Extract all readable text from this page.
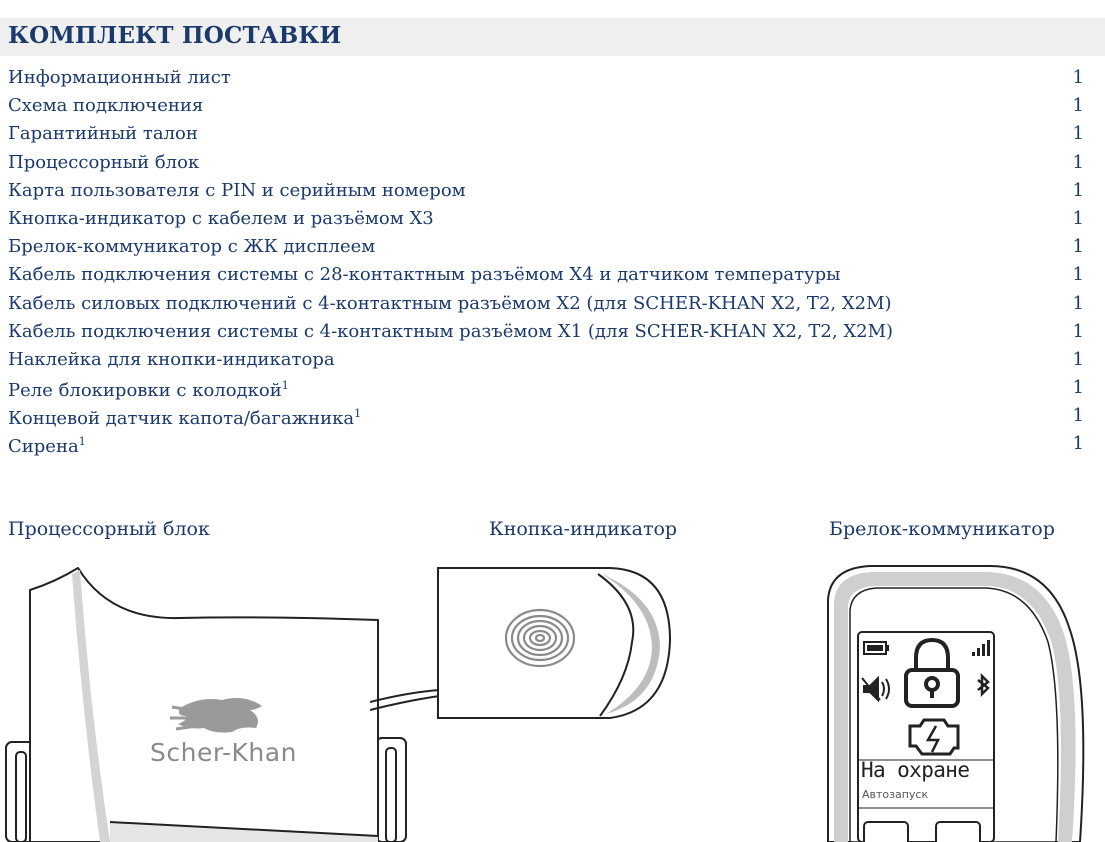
КОМПЛЕКТ ПОСТАВКИ
Информационный лист	1
Схема подключения	1
Гарантийный талон	1
Процессорный блок	1
Карта пользователя с PIN и серийным номером	1
Кнопка-индикатор с кабелем и разъёмом X3	1
Брелок-коммуникатор с ЖК дисплеем	1
Кабель подключения системы с 28-контактным разъёмом X4 и датчиком температуры	1
Кабель силовых подключений с 4-контактным разъёмом X2 (для SCHER-KHAN X2, T2, X2M)	1
Кабель подключения системы с 4-контактным разъёмом X1 (для SCHER-KHAN X2, T2, X2M)	1
Наклейка для кнопки-индикатора	1
Реле блокировки с колодкой$^1$	1
Концевой датчик капота/багажника$^1$	1
Сирена$^1$	1
Процессорный блок	Кнопка-индикатор	Брелок-коммуникатор
Scher-Khan
На охране
Автозапуск
